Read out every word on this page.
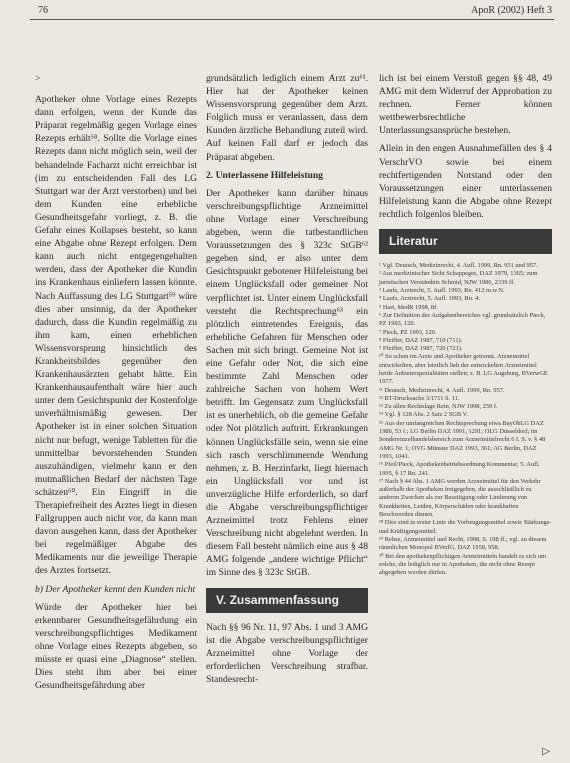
76	ApoR (2002) Heft 3

>

Apotheker ohne Vorlage eines Rezepts dann erfolgen, wenn der Kunde das Präparat regelmäßig gegen Vorlage eines Rezepts erhält⁵⁸. Sollte die Vorlage eines Rezepts dann nicht möglich sein, weil der behandelnde Facharzt nicht erreichbar ist (im zu entscheidenden Fall des LG Stuttgart war der Arzt verstorben) und bei dem Kunden eine erhebliche Gesundheitsgefahr vorliegt, z. B. die Gefahr eines Kollapses besteht, so kann eine Abgabe ohne Rezept erfolgen. Dem kann auch nicht entgegengehalten werden, dass der Apotheker die Kundin ins Krankenhaus einliefern lassen könnte. Nach Auffassung des LG Stuttgart⁵⁹ wäre dies aber unsinnig, da der Apotheker dadurch, dass die Kundin regelmäßig zu ihm kam, einen erheblichen Wissensvorsprung hinsichtlich des Krankheitsbildes gegenüber den Krankenhausärzten gehabt hätte. Ein Krankenhausaufenthalt wäre hier auch unter dem Gesichtspunkt der Kostenfolge unverhältnismäßig gewesen. Der Apotheker ist in einer solchen Situation nicht nur befugt, wenige Tabletten für die unmittelbar bevorstehenden Stunden auszuhändigen, vielmehr kann er den mutmaßlichen Bedarf der nächsten Tage schätzen⁶⁰. Ein Eingriff in die Therapiefreiheit des Arztes liegt in diesen Fallgruppen auch nicht vor, da kann man davon ausgehen kann, dass der Apotheker bei regelmäßiger Abgabe des Medikaments nur die jeweilige Therapie des Arztes fortsetzt.

b) Der Apotheker kennt den Kunden nicht

Würde der Apotheker hier bei erkennbarer Gesundheitsgefährdung ein verschreibungspflichtiges Medikament ohne Vorlage eines Rezepts abgeben, so müsste er quasi eine „Diagnose“ stellen. Dies steht ihm aber bei einer Gesundheitsgefährdung aber

grundsätzlich lediglich einem Arzt zu⁶¹. Hier hat der Apotheker keinen Wissensvorsprung gegenüber dem Arzt. Folglich muss er veranlassen, dass dem Kunden ärztliche Behandlung zuteil wird. Auf keinen Fall darf er jedoch das Präparat abgeben.

2. Unterlassene Hilfeleistung

Der Apotheker kann darüber hinaus verschreibungspflichtige Arzneimittel ohne Vorlage einer Verschreibung abgeben, wenn die tatbestandlichen Voraussetzungen des § 323c StGB⁶² gegeben sind, er also unter dem Gesichtspunkt gebotener Hilfeleistung bei einem Unglücksfall oder gemeiner Not verpflichtet ist. Unter einem Unglücksfall versteht die Rechtsprechung⁶³ ein plötzlich eintretendes Ereignis, das erhebliche Gefahren für Menschen oder Sachen mit sich bringt. Gemeine Not ist eine Gefahr oder Not, die sich eine bestimmte Zahl Menschen oder zahlreiche Sachen von hohem Wert betrifft. Im Gegensatz zum Unglücksfall ist es unerheblich, ob die gemeine Gefahr oder Not plötzlich auftritt. Erkrankungen können Unglücksfälle sein, wenn sie eine sich rasch verschlimmernde Wendung nehmen, z. B. Herzinfarkt, liegt hiernach ein Unglücksfall vor und ist unverzügliche Hilfe erforderlich, so darf die Abgabe verschreibungspflichtiger Arzneimittel trotz Fehlens einer Verschreibung nicht abgelehnt werden. In diesem Fall besteht nämlich eine aus § 48 AMG folgende „andere wichtige Pflicht“ im Sinne des § 323c StGB.

V. Zusammenfassung

Nach §§ 96 Nr. 11, 97 Abs. 1 und 3 AMG ist die Abgabe verschreibungspflichtiger Arzneimittel ohne Vorlage der erforderlichen Verschreibung strafbar. Standesrecht-

lich ist bei einem Verstoß gegen §§ 48, 49 AMG mit dem Widerruf der Approbation zu rechnen. Ferner können wettbewerbsrechtliche Unterlassungsansprüche bestehen.

Allein in den engen Ausnahmefällen des § 4 VerschrVO sowie bei einem rechtfertigenden Notstand oder den Voraussetzungen einer unterlassenen Hilfeleistung kann die Abgabe ohne Rezept rechtlich folgenlos bleiben.

Literatur
¹ Vgl. Deutsch, Medizinrecht, 4. Aufl. 1999, Rn. 951 und 957.
² Aus medizinischer Sicht Schappeges, DAZ 1979, 1365; zum juristischen Verständnis Schmid, NJW 1986, 2339 ff.
³ Laufs, Arztrecht, 5. Aufl. 1993, Rn. 412 m.w.N.
⁴ Laufs, Arztrecht, 5. Aufl. 1993, Rn. 4.
⁵ Hart, MedR 1998, 8f.
⁶ Zur Definition des Aufgabenbereiches vgl. grundsätzlich Pieck, PZ 1993, 120.
⁷ Pieck, PZ 1993, 120.
⁸ Pfeiffer, DAZ 1987, 710 (711).
⁹ Pfeiffer, DAZ 1987, 720 (721).
¹⁰ So schon im Arzte und Apotheker getrennt. Arzneimittel entwickelten, aber letztlich lieh der entwickelten Arzneimittel beide Anbieterspezialitäten stellen; z. B. LG Augsburg, BVerwGE 1977.
¹¹ Deutsch, Medizinrecht, 4. Aufl. 1999, Rn. 957.
¹² BT-Drucksache 3/1711 S. 11.
¹³ Zu allen Rechtslage Rein, NJW 1998, 259 f.
¹⁴ Vgl. § 128 Abs. 2 Satz 2 SGB V.
¹⁵ Aus der umfangreichen Rechtsprechung etwa BayObLG DAZ 1986, 53 f.; LG Berlin DAZ 1991, 1291; OLG Düsseldorf; im Sondereinzelhandelsbereich zum Arzneimittelrecht 6 I. S. v. § 48 AMG Nr. 1; OVG Münster DAZ 1993, 361; AG Berlin, DAZ 1993, 1041.
¹⁶ Pfeil/Pieck, Apothekenbetriebsordnung Kommentar, 5. Aufl. 1995, § 17 Rn. 241.
¹⁷ Nach § 44 Abs. 1 AMG werden Arzneimittel für den Verkehr außerhalb der Apotheken freigegeben, die ausschließlich zu anderen Zwecken als zur Beseitigung oder Linderung von Krankheiten, Leiden, Körperschäden oder krankhaften Beschwerden dienen.
¹⁸ Dies sind in erster Linie die Vorbeugungsmittel sowie Stärkungs- und Kräftigungsmittel.
¹⁹ Rehse, Arzneimittel und Recht, 1998, S. 198 ff.; vgl. zu diesem räumlichen Monopol BVerfG, DAZ 1958, 958.
²⁰ Bei den apothekenpflichtigen Arzneimitteln handelt es sich um solche, die lediglich nur in Apotheken, die nicht ohne Rezept abgegeben werden dürfen.
▷
